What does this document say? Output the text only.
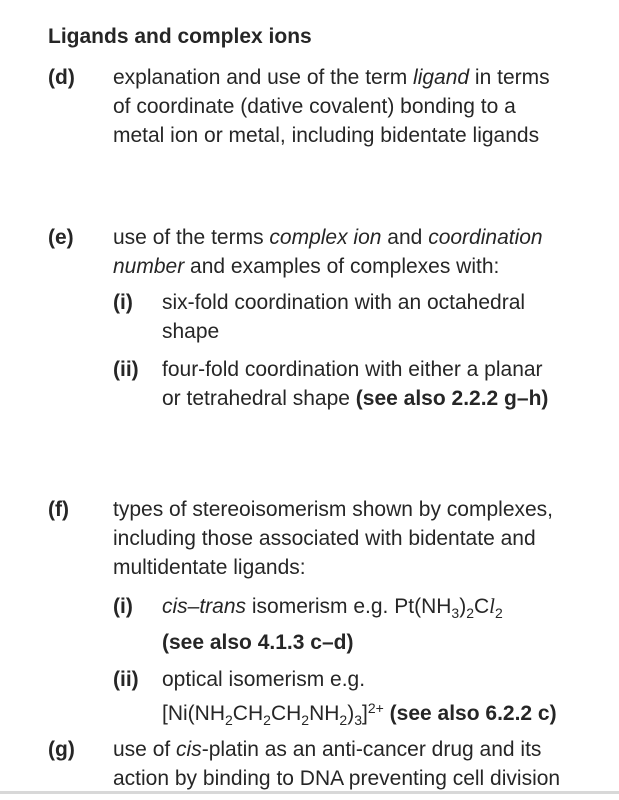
Ligands and complex ions
(d)	explanation and use of the term ligand in terms
of coordinate (dative covalent) bonding to a
metal ion or metal, including bidentate ligands
(e)	use of the terms complex ion and coordination
number and examples of complexes with:
(i)	six-fold coordination with an octahedral
shape
(ii)	four-fold coordination with either a planar
or tetrahedral shape (see also 2.2.2 g–h)
(f)	types of stereoisomerism shown by complexes,
including those associated with bidentate and
multidentate ligands:
(i)	cis–trans isomerism e.g. $Pt(NH_3)_2Cl_2$
(see also 4.1.3 c–d)
(ii)	optical isomerism e.g.
$[Ni(NH_2CH_2CH_2NH_2)_3]^{2+}$ (see also 6.2.2 c)
(g)	use of cis-platin as an anti-cancer drug and its
action by binding to DNA preventing cell division
